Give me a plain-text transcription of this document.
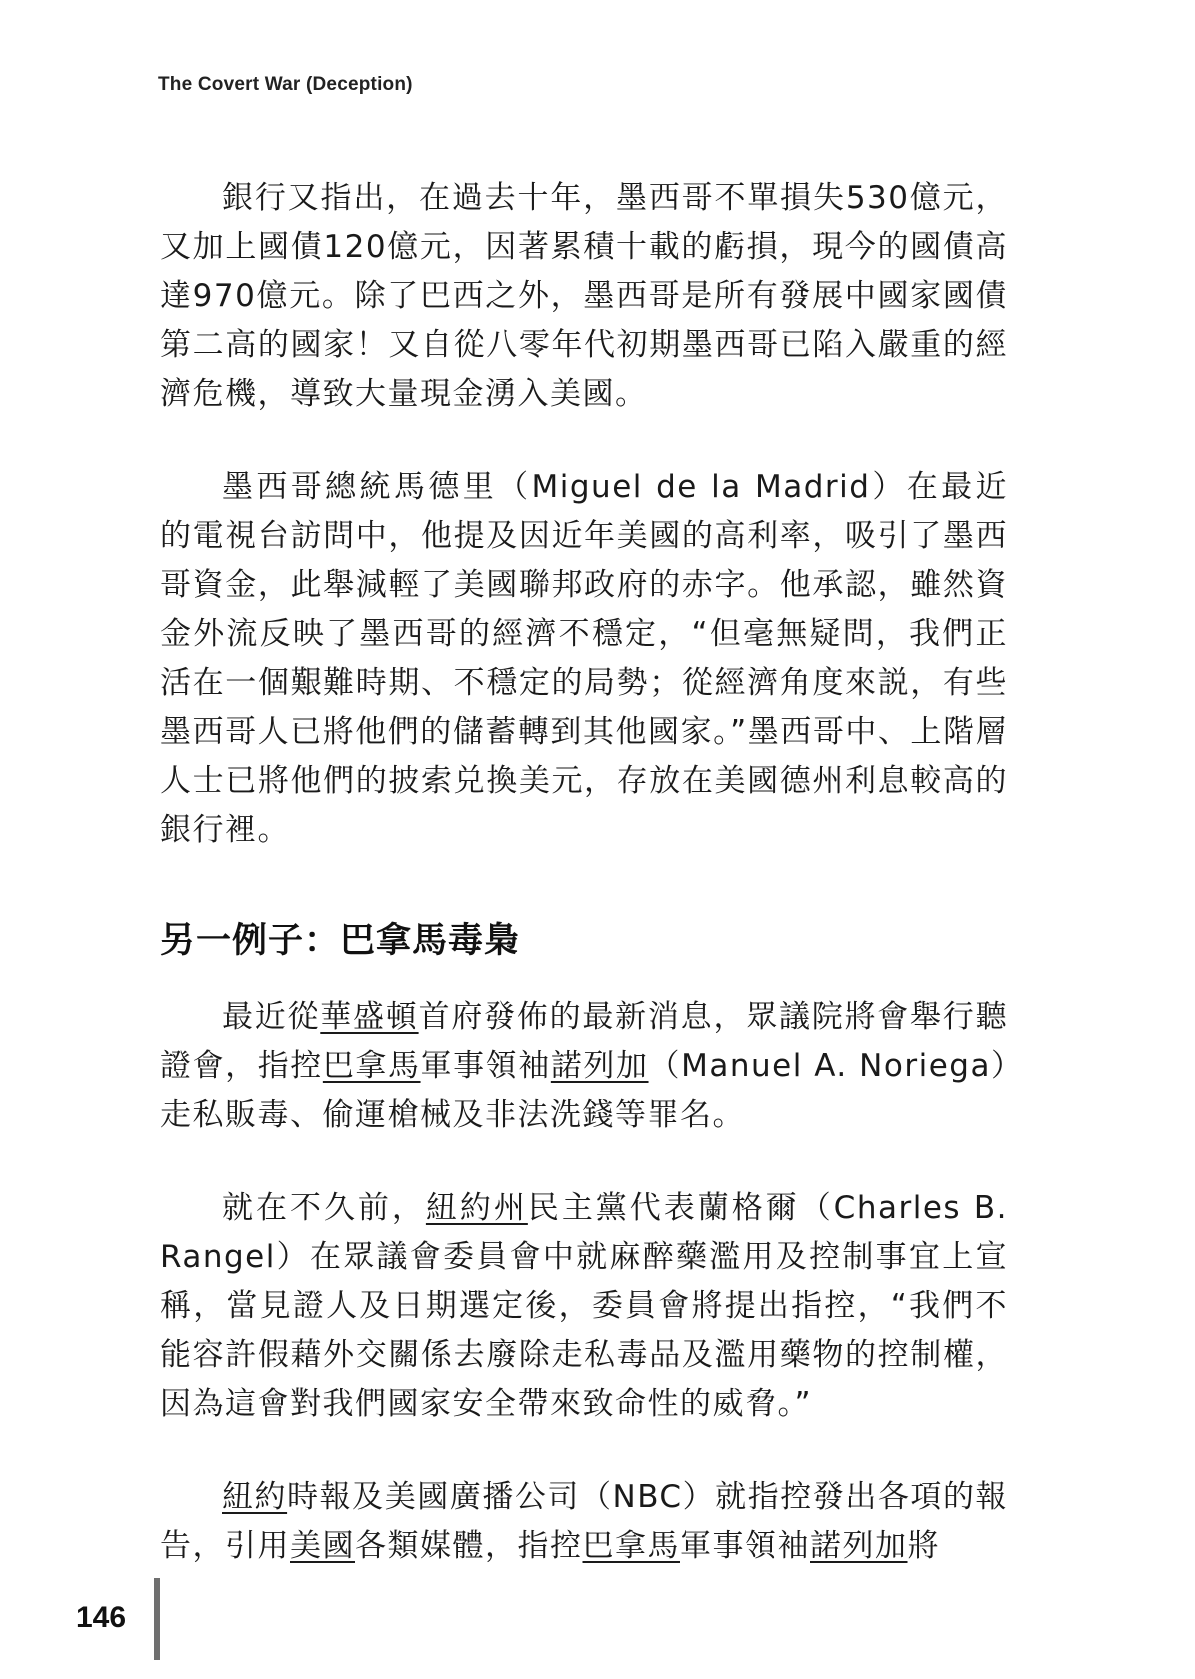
The Covert War (Deception)

銀行又指出，在過去十年，墨西哥不單損失530億元，又加上國債120億元，因著累積十載的虧損，現今的國債高達970億元。除了巴西之外，墨西哥是所有發展中國家國債第二高的國家！又自從八零年代初期墨西哥已陷入嚴重的經濟危機，導致大量現金湧入美國。

墨西哥總統馬德里（Miguel de la Madrid）在最近的電視台訪問中，他提及因近年美國的高利率，吸引了墨西哥資金，此舉減輕了美國聯邦政府的赤字。他承認，雖然資金外流反映了墨西哥的經濟不穩定，“但毫無疑問，我們正活在一個艱難時期、不穩定的局勢；從經濟角度來説，有些墨西哥人已將他們的儲蓄轉到其他國家。”墨西哥中、上階層人士已將他們的披索兑換美元，存放在美國德州利息較高的銀行裡。

另一例子：巴拿馬毒梟

最近從華盛頓首府發佈的最新消息，眾議院將會舉行聽證會，指控巴拿馬軍事領袖諾列加（Manuel A. Noriega）走私販毒、偷運槍械及非法洗錢等罪名。

就在不久前，紐約州民主黨代表蘭格爾（Charles B. Rangel）在眾議會委員會中就麻醉藥濫用及控制事宜上宣稱，當見證人及日期選定後，委員會將提出指控，“我們不能容許假藉外交關係去廢除走私毒品及濫用藥物的控制權，因為這會對我們國家安全帶來致命性的威脅。”

紐約時報及美國廣播公司（NBC）就指控發出各項的報告，引用美國各類媒體，指控巴拿馬軍事領袖諾列加將

146
